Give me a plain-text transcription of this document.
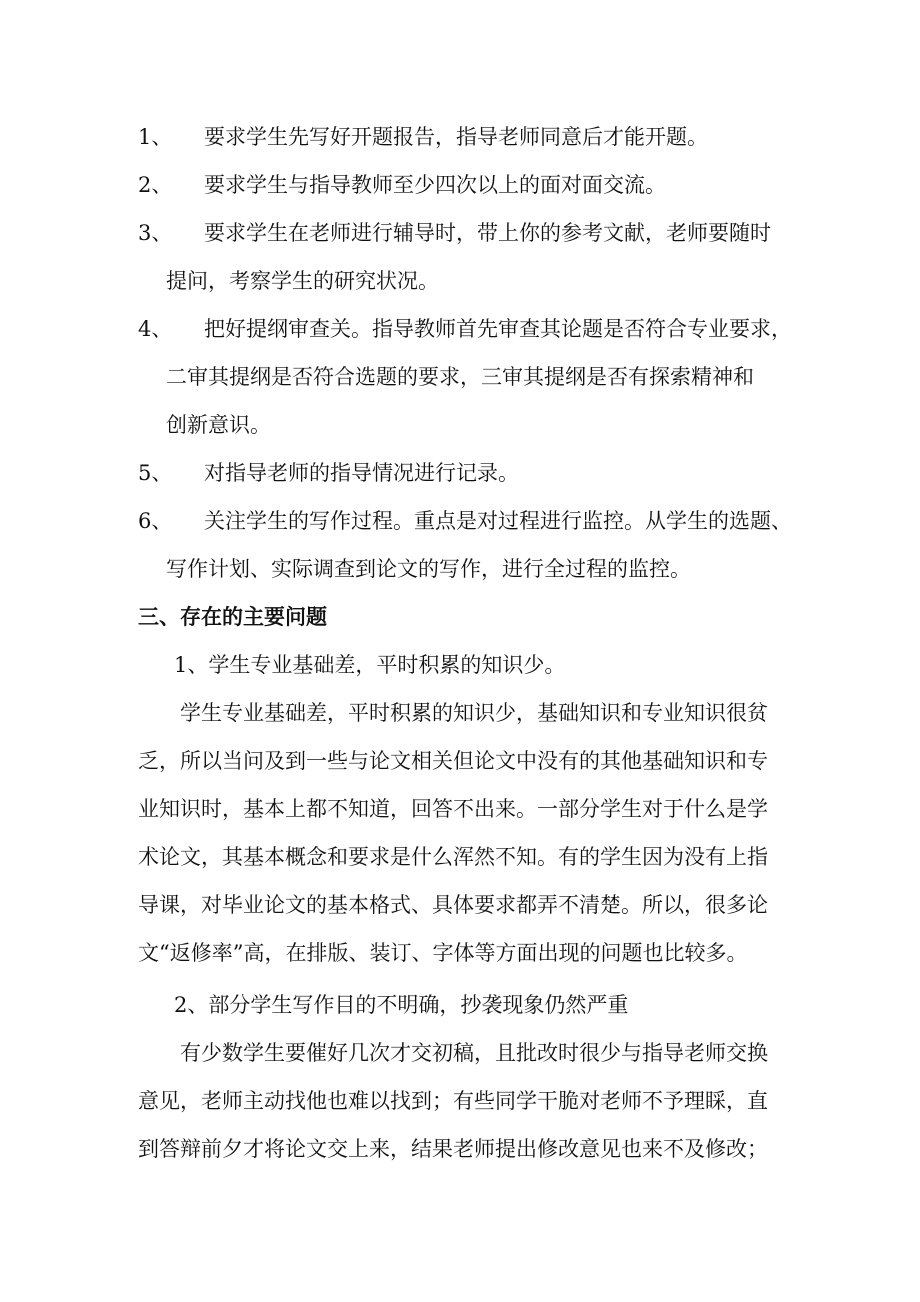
1、 要求学生先写好开题报告，指导老师同意后才能开题。
2、 要求学生与指导教师至少四次以上的面对面交流。
3、 要求学生在老师进行辅导时，带上你的参考文献，老师要随时
提问，考察学生的研究状况。
4、 把好提纲审查关。指导教师首先审查其论题是否符合专业要求，
二审其提纲是否符合选题的要求，三审其提纲是否有探索精神和
创新意识。
5、 对指导老师的指导情况进行记录。
6、 关注学生的写作过程。重点是对过程进行监控。从学生的选题、
写作计划、实际调查到论文的写作，进行全过程的监控。
三、存在的主要问题
1、学生专业基础差，平时积累的知识少。
学生专业基础差，平时积累的知识少，基础知识和专业知识很贫
乏，所以当问及到一些与论文相关但论文中没有的其他基础知识和专
业知识时，基本上都不知道，回答不出来。一部分学生对于什么是学
术论文，其基本概念和要求是什么浑然不知。有的学生因为没有上指
导课，对毕业论文的基本格式、具体要求都弄不清楚。所以，很多论
文“返修率”高，在排版、装订、字体等方面出现的问题也比较多。
2、部分学生写作目的不明确，抄袭现象仍然严重
有少数学生要催好几次才交初稿，且批改时很少与指导老师交换
意见，老师主动找他也难以找到；有些同学干脆对老师不予理睬，直
到答辩前夕才将论文交上来，结果老师提出修改意见也来不及修改；
